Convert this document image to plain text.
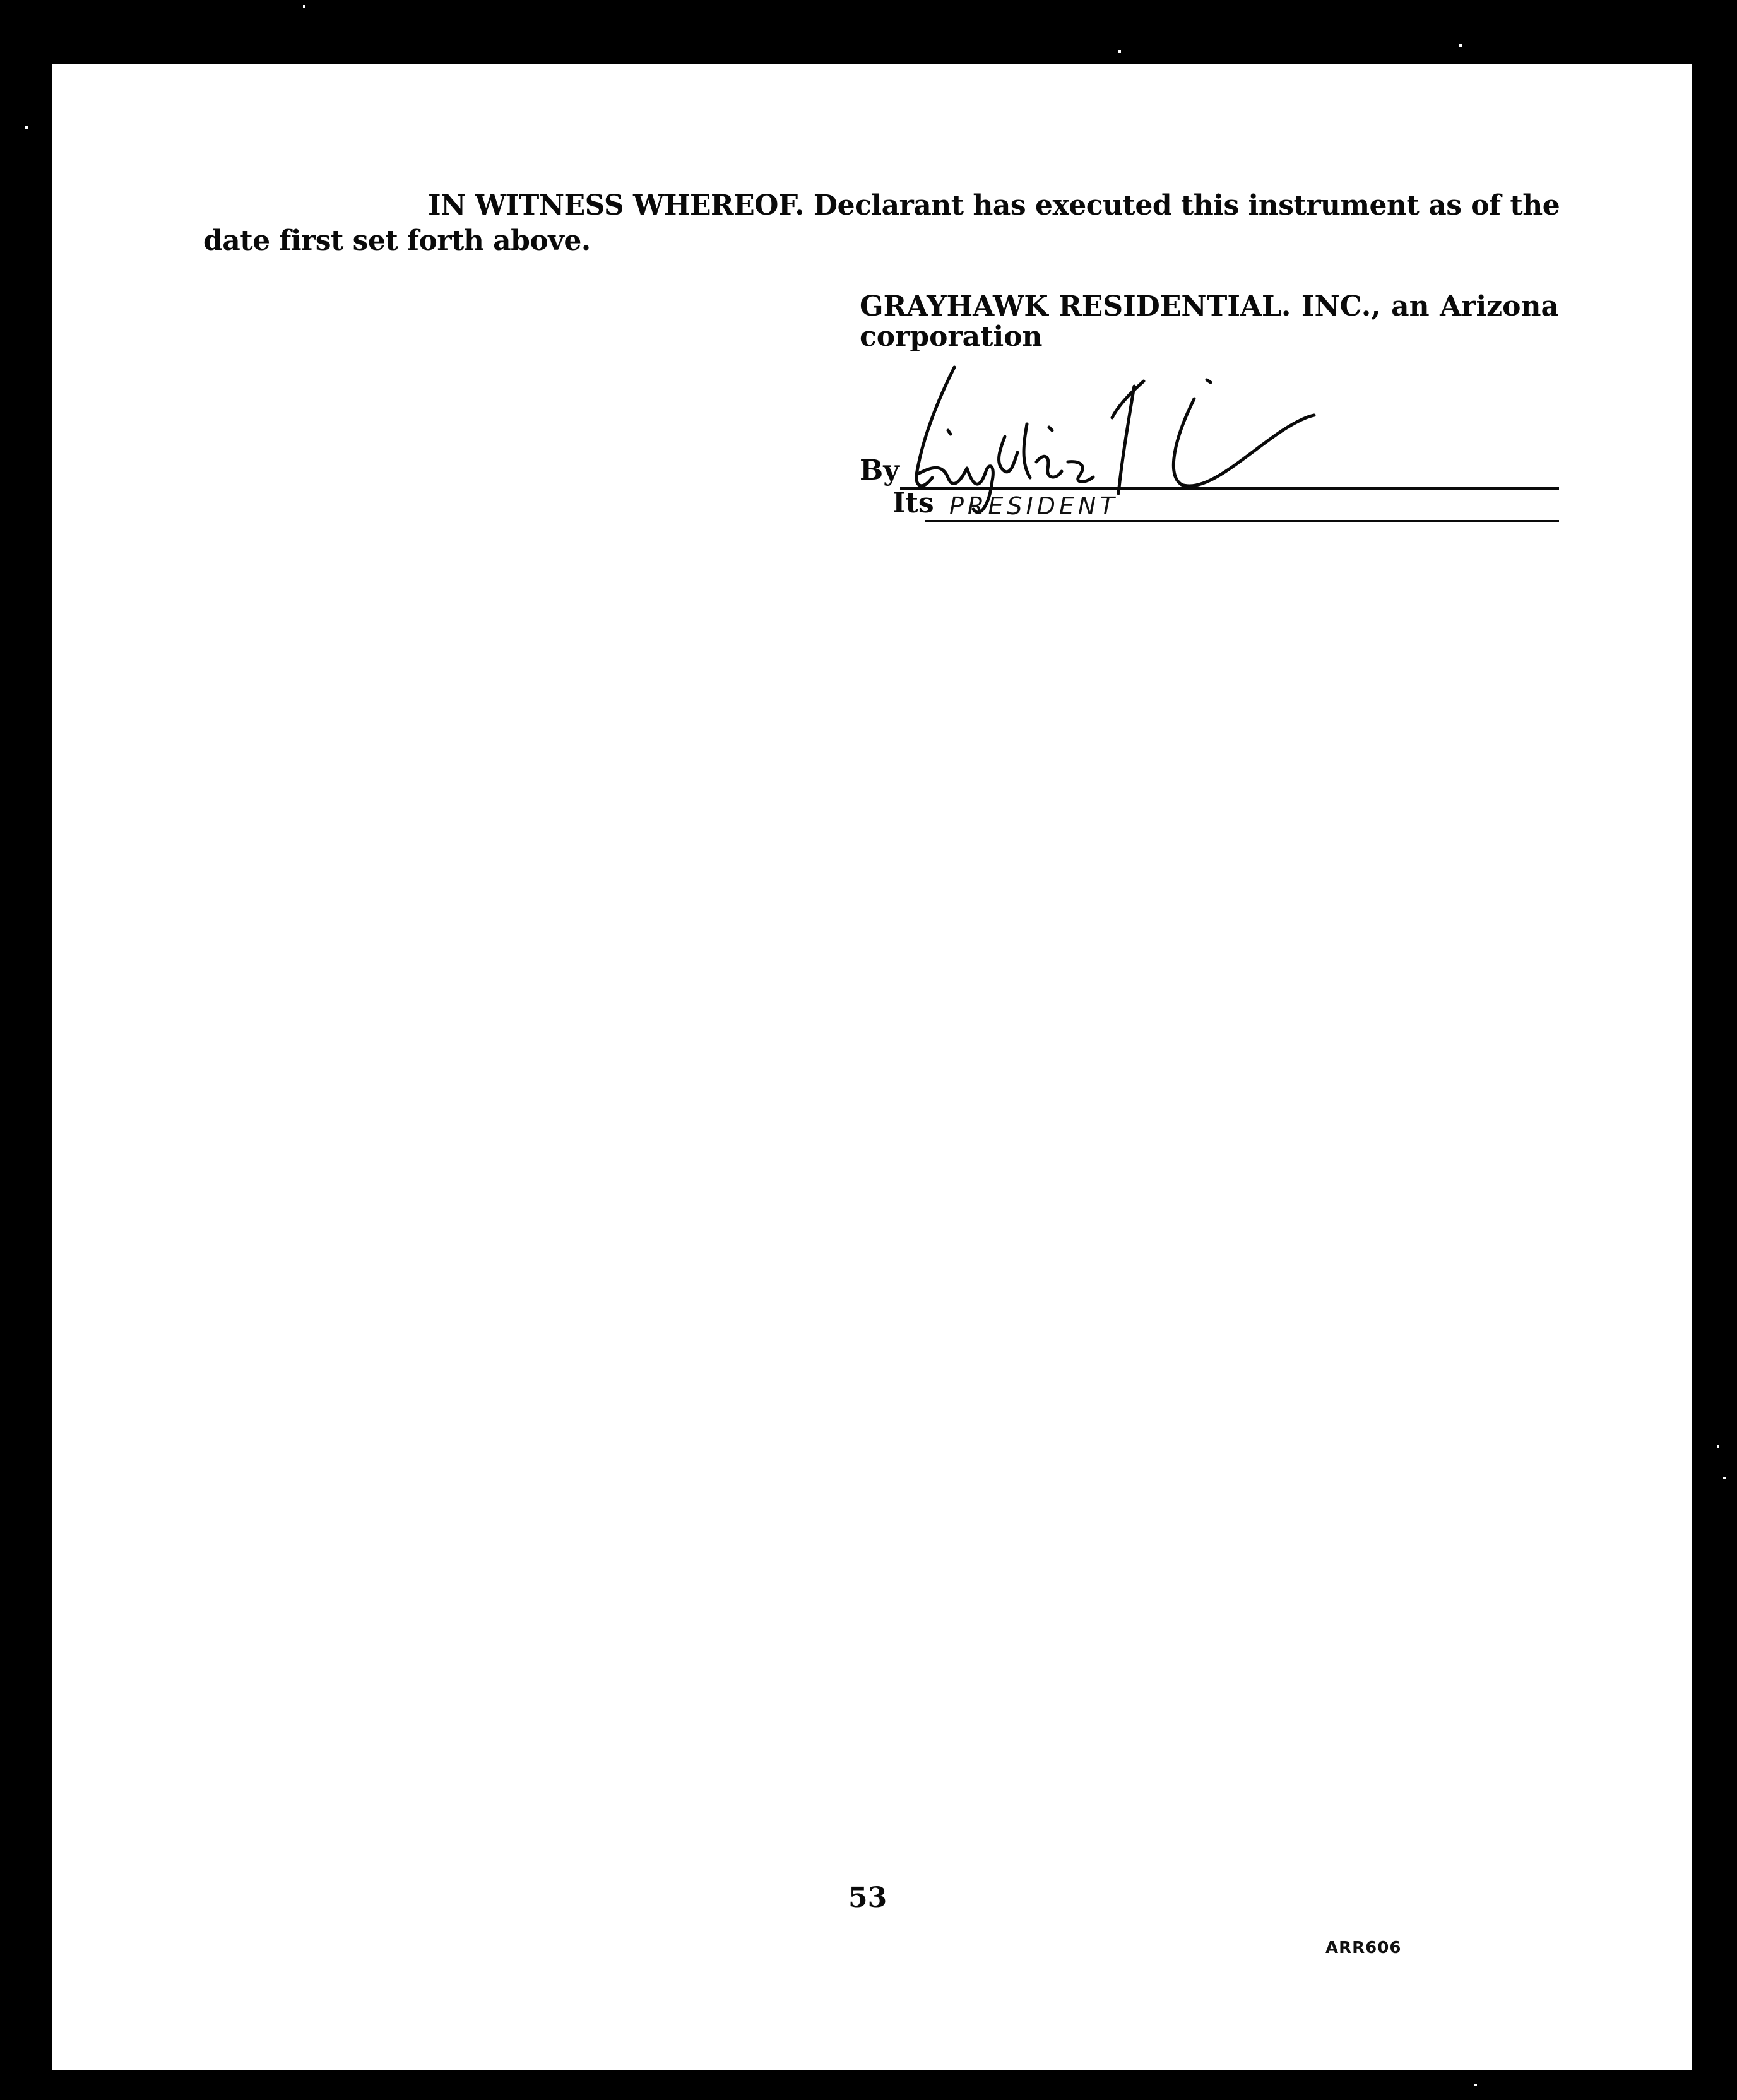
IN WITNESS WHEREOF. Declarant has executed this instrument as of the date first set forth above.

GRAYHAWK RESIDENTIAL. INC., an Arizona corporation

By
Its PRESIDENT
53
ARR606
